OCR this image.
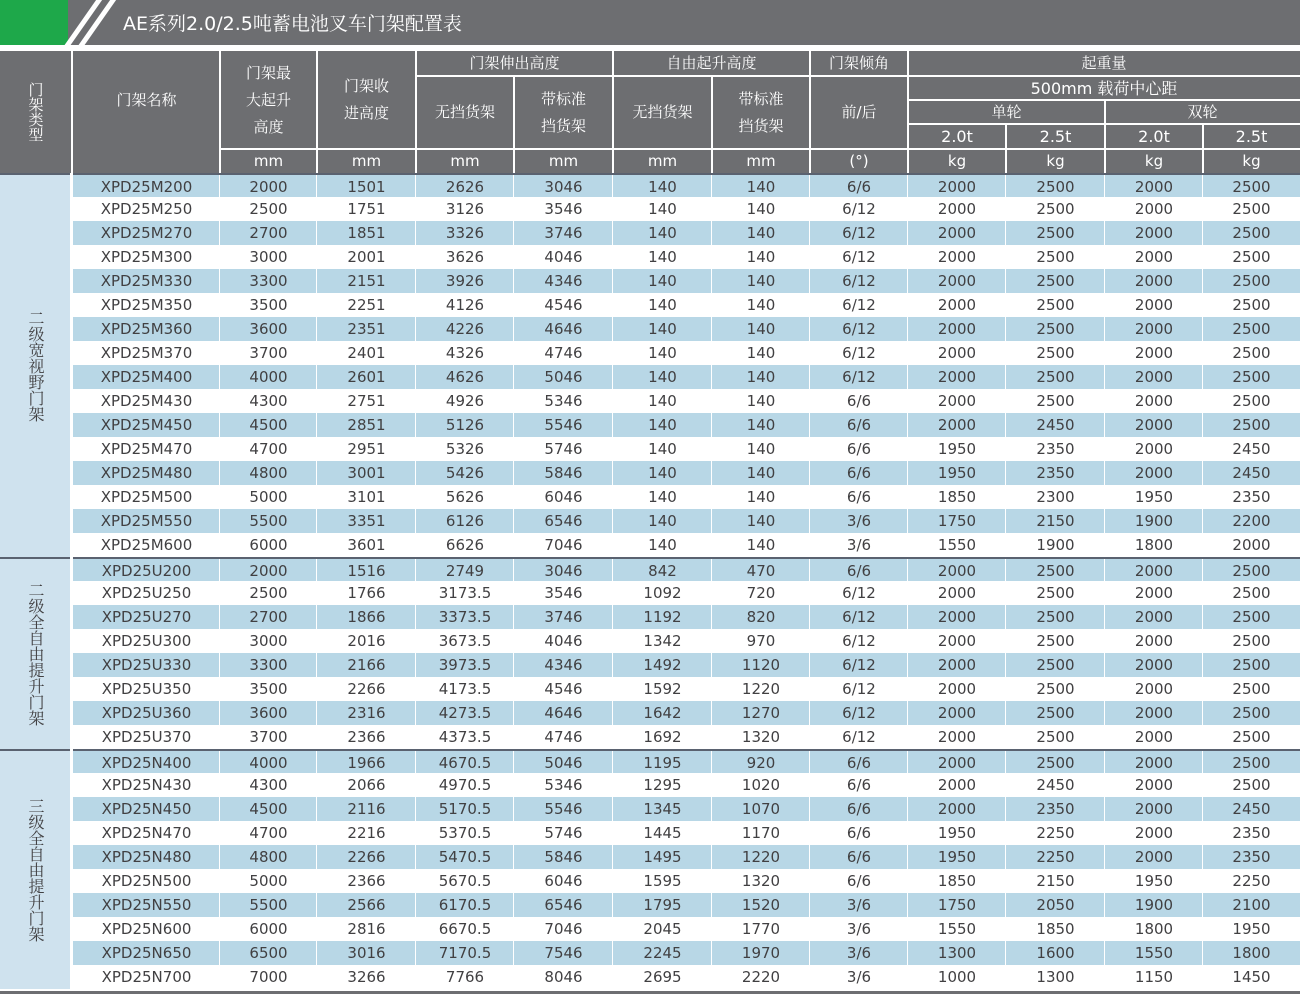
AE系列2.0/2.5吨蓄电池叉车门架配置表
门架类型	门架名称
门架最
大起升
高度
门架收
进高度
门架伸出高度
无挡货架
带标准
挡货架
自由起升高度
无挡货架
带标准
挡货架
门架倾角
前/后
起重量
500mm 载荷中心距
单轮	双轮
2.0t	2.5t	2.0t	2.5t
mm	mm	mm	mm	mm	mm	(°)	kg	kg	kg	kg
二级宽视野门架
XPD25M200	2000	1501	2626	3046	140	140	6/6	2000	2500	2000	2500
XPD25M250	2500	1751	3126	3546	140	140	6/12	2000	2500	2000	2500
XPD25M270	2700	1851	3326	3746	140	140	6/12	2000	2500	2000	2500
XPD25M300	3000	2001	3626	4046	140	140	6/12	2000	2500	2000	2500
XPD25M330	3300	2151	3926	4346	140	140	6/12	2000	2500	2000	2500
XPD25M350	3500	2251	4126	4546	140	140	6/12	2000	2500	2000	2500
XPD25M360	3600	2351	4226	4646	140	140	6/12	2000	2500	2000	2500
XPD25M370	3700	2401	4326	4746	140	140	6/12	2000	2500	2000	2500
XPD25M400	4000	2601	4626	5046	140	140	6/12	2000	2500	2000	2500
XPD25M430	4300	2751	4926	5346	140	140	6/6	2000	2500	2000	2500
XPD25M450	4500	2851	5126	5546	140	140	6/6	2000	2450	2000	2500
XPD25M470	4700	2951	5326	5746	140	140	6/6	1950	2350	2000	2450
XPD25M480	4800	3001	5426	5846	140	140	6/6	1950	2350	2000	2450
XPD25M500	5000	3101	5626	6046	140	140	6/6	1850	2300	1950	2350
XPD25M550	5500	3351	6126	6546	140	140	3/6	1750	2150	1900	2200
XPD25M600	6000	3601	6626	7046	140	140	3/6	1550	1900	1800	2000
二级全自由提升门架
XPD25U200	2000	1516	2749	3046	842	470	6/6	2000	2500	2000	2500
XPD25U250	2500	1766	3173.5	3546	1092	720	6/12	2000	2500	2000	2500
XPD25U270	2700	1866	3373.5	3746	1192	820	6/12	2000	2500	2000	2500
XPD25U300	3000	2016	3673.5	4046	1342	970	6/12	2000	2500	2000	2500
XPD25U330	3300	2166	3973.5	4346	1492	1120	6/12	2000	2500	2000	2500
XPD25U350	3500	2266	4173.5	4546	1592	1220	6/12	2000	2500	2000	2500
XPD25U360	3600	2316	4273.5	4646	1642	1270	6/12	2000	2500	2000	2500
XPD25U370	3700	2366	4373.5	4746	1692	1320	6/12	2000	2500	2000	2500
三级全自由提升门架
XPD25N400	4000	1966	4670.5	5046	1195	920	6/6	2000	2500	2000	2500
XPD25N430	4300	2066	4970.5	5346	1295	1020	6/6	2000	2450	2000	2500
XPD25N450	4500	2116	5170.5	5546	1345	1070	6/6	2000	2350	2000	2450
XPD25N470	4700	2216	5370.5	5746	1445	1170	6/6	1950	2250	2000	2350
XPD25N480	4800	2266	5470.5	5846	1495	1220	6/6	1950	2250	2000	2350
XPD25N500	5000	2366	5670.5	6046	1595	1320	6/6	1850	2150	1950	2250
XPD25N550	5500	2566	6170.5	6546	1795	1520	3/6	1750	2050	1900	2100
XPD25N600	6000	2816	6670.5	7046	2045	1770	3/6	1550	1850	1800	1950
XPD25N650	6500	3016	7170.5	7546	2245	1970	3/6	1300	1600	1550	1800
XPD25N700	7000	3266	7766	8046	2695	2220	3/6	1000	1300	1150	1450
